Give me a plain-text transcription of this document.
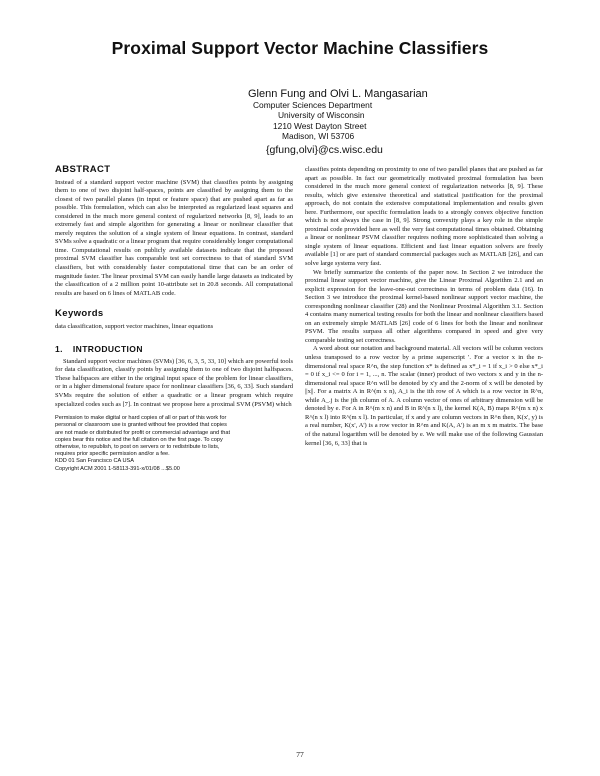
Proximal Support Vector Machine Classifiers
Glenn Fung and Olvi L. Mangasarian
Computer Sciences Department
University of Wisconsin
1210 West Dayton Street
Madison, WI 53706
{gfung,olvi}@cs.wisc.edu
ABSTRACT

Instead of a standard support vector machine (SVM) that classifies points by assigning them to one of two disjoint half-spaces, points are classified by assigning them to the closest of two parallel planes (in input or feature space) that are pushed apart as far as possible. This formulation, which can also be interpreted as regularized least squares and considered in the much more general context of regularized networks [8, 9], leads to an extremely fast and simple algorithm for generating a linear or nonlinear classifier that merely requires the solution of a single system of linear equations. In contrast, standard SVMs solve a quadratic or a linear program that require considerably longer computational time. Computational results on publicly available datasets indicate that the proposed proximal SVM classifier has comparable test set correctness to that of standard SVM classifiers, but with considerably faster computational time that can be an order of magnitude faster. The linear proximal SVM can easily handle large datasets as indicated by the classification of a 2 million point 10-attribute set in 20.8 seconds. All computational results are based on 6 lines of MATLAB code.

Keywords

data classification, support vector machines, linear equations

1. INTRODUCTION

Standard support vector machines (SVMs) [36, 6, 3, 5, 33, 10] which are powerful tools for data classification, classify points by assigning them to one of two disjoint halfspaces. These halfspaces are either in the original input space of the problem for linear classifiers, or in a higher dimensional feature space for nonlinear classifiers [36, 6, 33]. Such standard SVMs require the solution of either a quadratic or a linear program which require specialized codes such as [7]. In contrast we propose here a proximal SVM (PSVM) which

Permission to make digital or hard copies of all or part of this work for
personal or classroom use is granted without fee provided that copies
are not made or distributed for profit or commercial advantage and that
copies bear this notice and the full citation on the first page. To copy
otherwise, to republish, to post on servers or to redistribute to lists,
requires prior specific permission and/or a fee.
KDD 01 San Francisco CA USA
Copyright ACM 2001 1-58113-391-x/01/08 ...$5.00

classifies points depending on proximity to one of two parallel planes that are pushed as far apart as possible. In fact our geometrically motivated proximal formulation has been considered in the much more general context of regularization networks [8, 9]. These results, which give extensive theoretical and statistical justification for the proximal approach, do not contain the extensive computational implementation and results given here. Furthermore, our specific formulation leads to a strongly convex objective function which is not always the case in [8, 9]. Strong convexity plays a key role in the simple proximal code provided here as well the very fast computational times obtained. Obtaining a linear or nonlinear PSVM classifier requires nothing more sophisticated than solving a single system of linear equations. Efficient and fast linear equation solvers are freely available [1] or are part of standard commercial packages such as MATLAB [26], and can solve large systems very fast.

We briefly summarize the contents of the paper now. In Section 2 we introduce the proximal linear support vector machine, give the Linear Proximal Algorithm 2.1 and an explicit expression for the leave-one-out correctness in terms of problem data (16). In Section 3 we introduce the proximal kernel-based nonlinear support vector machine, the corresponding nonlinear classifier (28) and the Nonlinear Proximal Algorithm 3.1. Section 4 contains many numerical testing results for both the linear and nonlinear classifiers based on an extremely simple MATLAB [26] code of 6 lines for both the linear and nonlinear PSVM. The results surpass all other algorithms compared in speed and give very comparable testing set correctness.

A word about our notation and background material. All vectors will be column vectors unless transposed to a row vector by a prime superscript '. For a vector x in the n-dimensional real space R^n, the step function x* is defined as x*_i = 1 if x_i > 0 else x*_i = 0 if x_i <= 0 for i = 1, ..., n. The scalar (inner) product of two vectors x and y in the n-dimensional real space R^n will be denoted by x'y and the 2-norm of x will be denoted by ||x||. For a matrix A in R^(m x n), A_i is the ith row of A which is a row vector in R^n, while A_.j is the jth column of A. A column vector of ones of arbitrary dimension will be denoted by e. For A in R^(m x n) and B in R^(n x l), the kernel K(A, B) maps R^(m x n) x R^(n x l) into R^(m x l). In particular, if x and y are column vectors in R^n then, K(x', y) is a real number, K(x', A') is a row vector in R^m and K(A, A') is an m x m matrix. The base of the natural logarithm will be denoted by e. We will make use of the following Gaussian kernel [36, 6, 33] that is

77
